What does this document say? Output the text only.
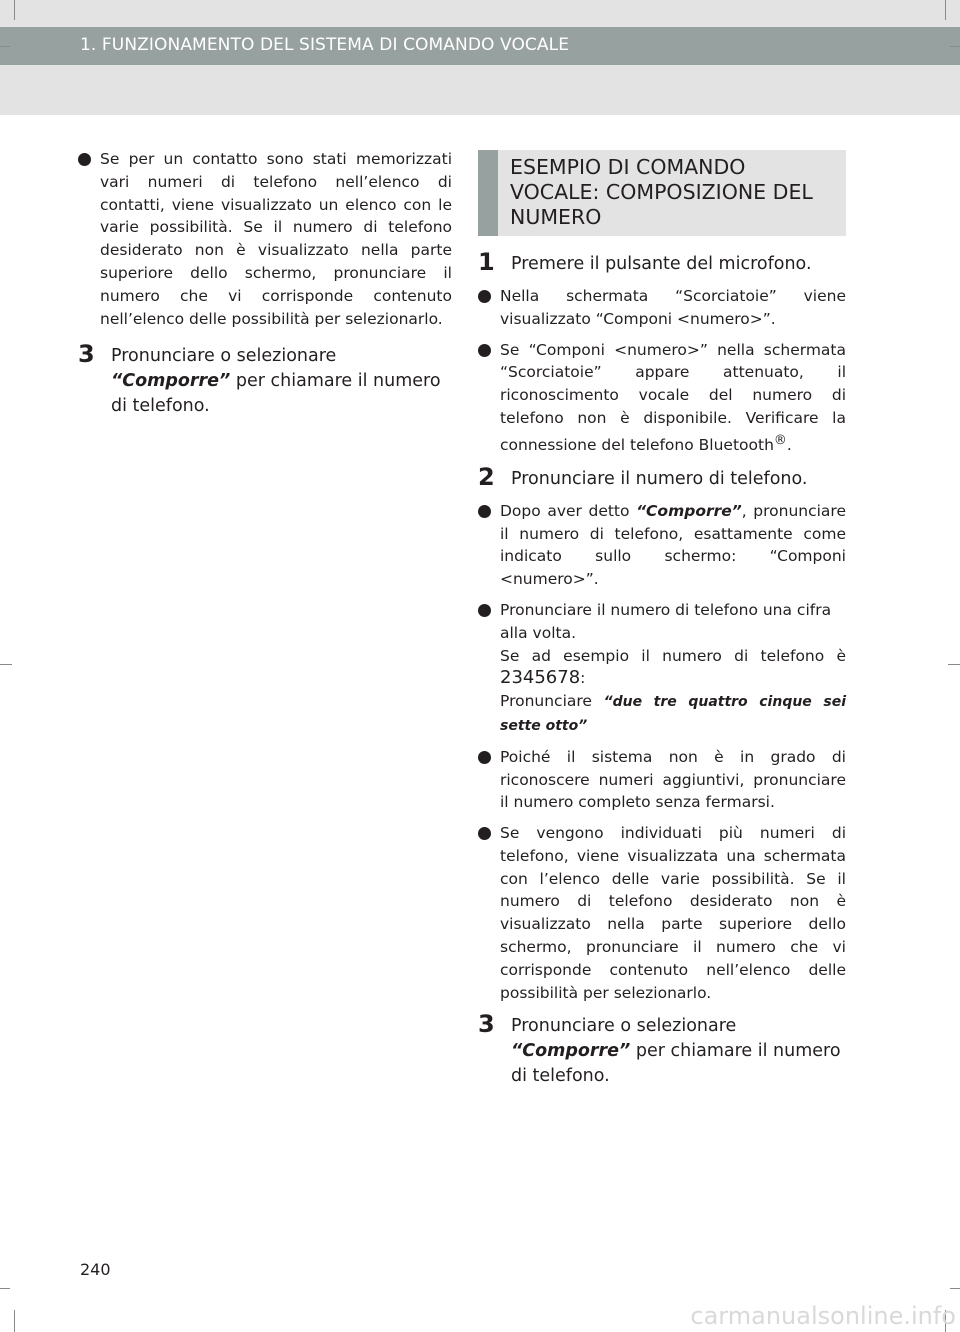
1. FUNZIONAMENTO DEL SISTEMA DI COMANDO VOCALE
Se per un contatto sono stati memorizzati vari numeri di telefono nell’elenco di contatti, viene visualizzato un elenco con le varie possibilità. Se il numero di telefono desiderato non è visualizzato nella parte superiore dello schermo, pronunciare il numero che vi corrisponde contenuto nell’elenco delle possibilità per selezionarlo.
3 Pronunciare o selezionare “Comporre” per chiamare il numero di telefono.
ESEMPIO DI COMANDO VOCALE: COMPOSIZIONE DEL NUMERO
1 Premere il pulsante del microfono.
Nella schermata “Scorciatoie” viene visualizzato “Componi <numero>”.
Se “Componi <numero>” nella schermata “Scorciatoie” appare attenuato, il riconoscimento vocale del numero di telefono non è disponibile. Verificare la connessione del telefono Bluetooth®.
2 Pronunciare il numero di telefono.
Dopo aver detto “Comporre”, pronunciare il numero di telefono, esattamente come indicato sullo schermo: “Componi <numero>”.
Pronunciare il numero di telefono una cifra alla volta.
Se ad esempio il numero di telefono è
2345678:
Pronunciare “due tre quattro cinque sei sette otto”
Poiché il sistema non è in grado di riconoscere numeri aggiuntivi, pronunciare il numero completo senza fermarsi.
Se vengono individuati più numeri di telefono, viene visualizzata una schermata con l’elenco delle varie possibilità. Se il numero di telefono desiderato non è visualizzato nella parte superiore dello schermo, pronunciare il numero che vi corrisponde contenuto nell’elenco delle possibilità per selezionarlo.
3 Pronunciare o selezionare “Comporre” per chiamare il numero di telefono.
240
carmanualsonline.info
